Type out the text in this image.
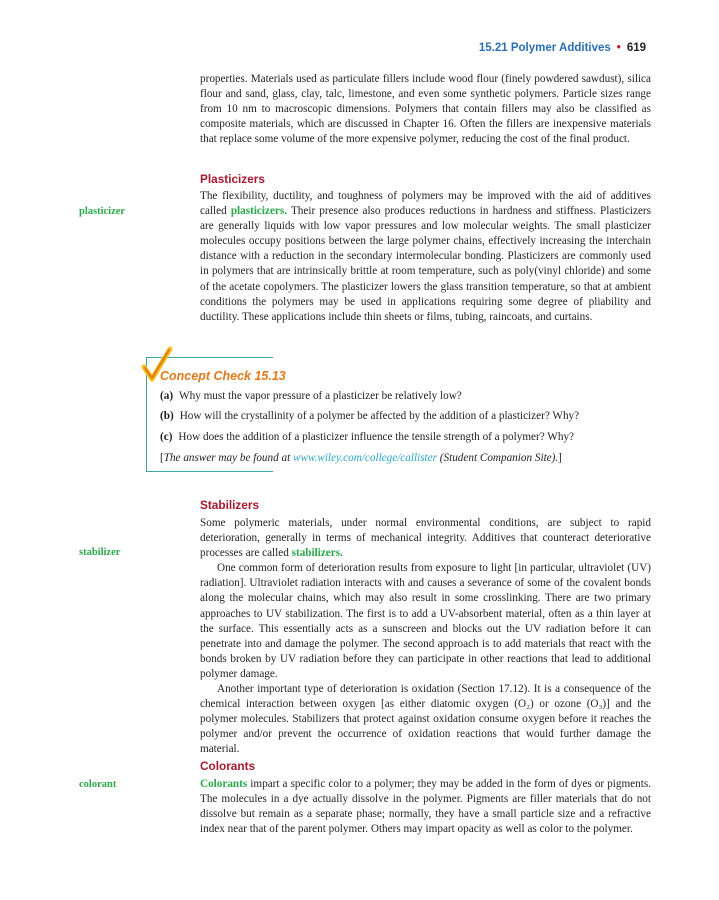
15.21 Polymer Additives • 619

properties. Materials used as particulate fillers include wood flour (finely powdered sawdust), silica flour and sand, glass, clay, talc, limestone, and even some synthetic polymers. Particle sizes range from 10 nm to macroscopic dimensions. Polymers that contain fillers may also be classified as composite materials, which are discussed in Chapter 16. Often the fillers are inexpensive materials that replace some volume of the more expensive polymer, reducing the cost of the final product.

Plasticizers
plasticizer

The flexibility, ductility, and toughness of polymers may be improved with the aid of additives called plasticizers. Their presence also produces reductions in hardness and stiffness. Plasticizers are generally liquids with low vapor pressures and low molecular weights. The small plasticizer molecules occupy positions between the large polymer chains, effectively increasing the interchain distance with a reduction in the secondary intermolecular bonding. Plasticizers are commonly used in polymers that are intrinsically brittle at room temperature, such as poly(vinyl chloride) and some of the acetate copolymers. The plasticizer lowers the glass transition temperature, so that at ambient conditions the polymers may be used in applications requiring some degree of pliability and ductility. These applications include thin sheets or films, tubing, raincoats, and curtains.

Concept Check 15.13
(a) Why must the vapor pressure of a plasticizer be relatively low?
(b) How will the crystallinity of a polymer be affected by the addition of a plasticizer? Why?
(c) How does the addition of a plasticizer influence the tensile strength of a polymer? Why?
[The answer may be found at www.wiley.com/college/callister (Student Companion Site).]
Stabilizers
stabilizer

Some polymeric materials, under normal environmental conditions, are subject to rapid deterioration, generally in terms of mechanical integrity. Additives that counteract deteriorative processes are called stabilizers.

One common form of deterioration results from exposure to light [in particular, ultraviolet (UV) radiation]. Ultraviolet radiation interacts with and causes a severance of some of the covalent bonds along the molecular chains, which may also result in some crosslinking. There are two primary approaches to UV stabilization. The first is to add a UV-absorbent material, often as a thin layer at the surface. This essentially acts as a sunscreen and blocks out the UV radiation before it can penetrate into and damage the polymer. The second approach is to add materials that react with the bonds broken by UV radiation before they can participate in other reactions that lead to additional polymer damage.

Another important type of deterioration is oxidation (Section 17.12). It is a consequence of the chemical interaction between oxygen [as either diatomic oxygen (O₂) or ozone (O₃)] and the polymer molecules. Stabilizers that protect against oxidation consume oxygen before it reaches the polymer and/or prevent the occurrence of oxidation reactions that would further damage the material.

Colorants
colorant	Colorants impart a specific color to a polymer; they may be added in the form of dyes or pigments. The molecules in a dye actually dissolve in the polymer. Pigments are filler materials that do not dissolve but remain as a separate phase; normally, they have a small particle size and a refractive index near that of the parent polymer. Others may impart opacity as well as color to the polymer.
